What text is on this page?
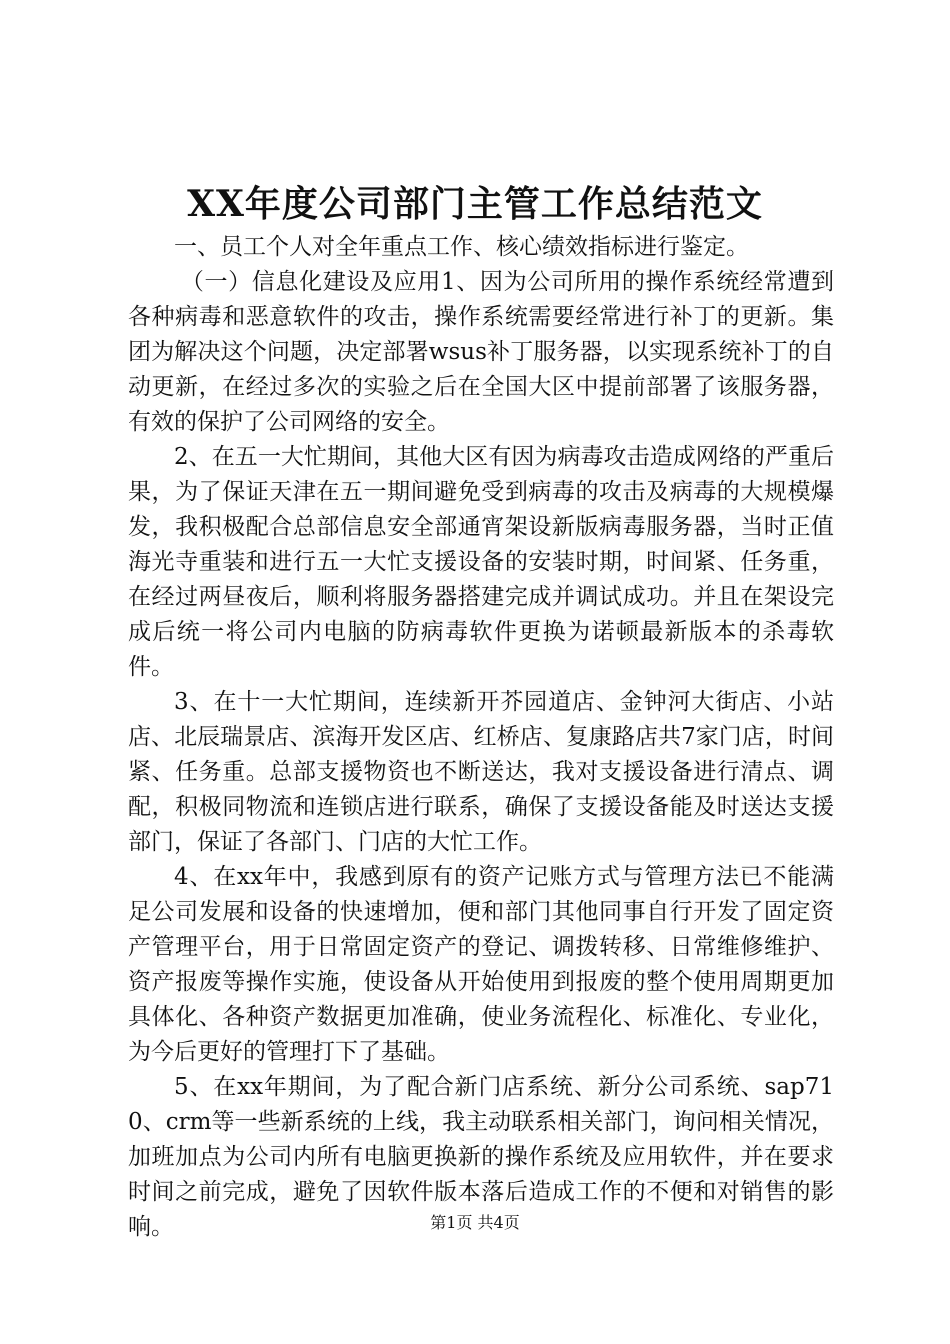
XX年度公司部门主管工作总结范文

一、员工个人对全年重点工作、核心绩效指标进行鉴定。

（一）信息化建设及应用1、因为公司所用的操作系统经常遭到各种病毒和恶意软件的攻击，操作系统需要经常进行补丁的更新。集团为解决这个问题，决定部署wsus补丁服务器，以实现系统补丁的自动更新，在经过多次的实验之后在全国大区中提前部署了该服务器，有效的保护了公司网络的安全。

2、在五一大忙期间，其他大区有因为病毒攻击造成网络的严重后果，为了保证天津在五一期间避免受到病毒的攻击及病毒的大规模爆发，我积极配合总部信息安全部通宵架设新版病毒服务器，当时正值海光寺重装和进行五一大忙支援设备的安装时期，时间紧、任务重，在经过两昼夜后，顺利将服务器搭建完成并调试成功。并且在架设完成后统一将公司内电脑的防病毒软件更换为诺顿最新版本的杀毒软件。

3、在十一大忙期间，连续新开芥园道店、金钟河大街店、小站店、北辰瑞景店、滨海开发区店、红桥店、复康路店共7家门店，时间紧、任务重。总部支援物资也不断送达，我对支援设备进行清点、调配，积极同物流和连锁店进行联系，确保了支援设备能及时送达支援部门，保证了各部门、门店的大忙工作。

4、在xx年中，我感到原有的资产记账方式与管理方法已不能满足公司发展和设备的快速增加，便和部门其他同事自行开发了固定资产管理平台，用于日常固定资产的登记、调拨转移、日常维修维护、资产报废等操作实施，使设备从开始使用到报废的整个使用周期更加具体化、各种资产数据更加准确，使业务流程化、标准化、专业化，为今后更好的管理打下了基础。

5、在xx年期间，为了配合新门店系统、新分公司系统、sap710、crm等一些新系统的上线，我主动联系相关部门，询问相关情况，加班加点为公司内所有电脑更换新的操作系统及应用软件，并在要求时间之前完成，避免了因软件版本落后造成工作的不便和对销售的影响。	第1页 共4页
